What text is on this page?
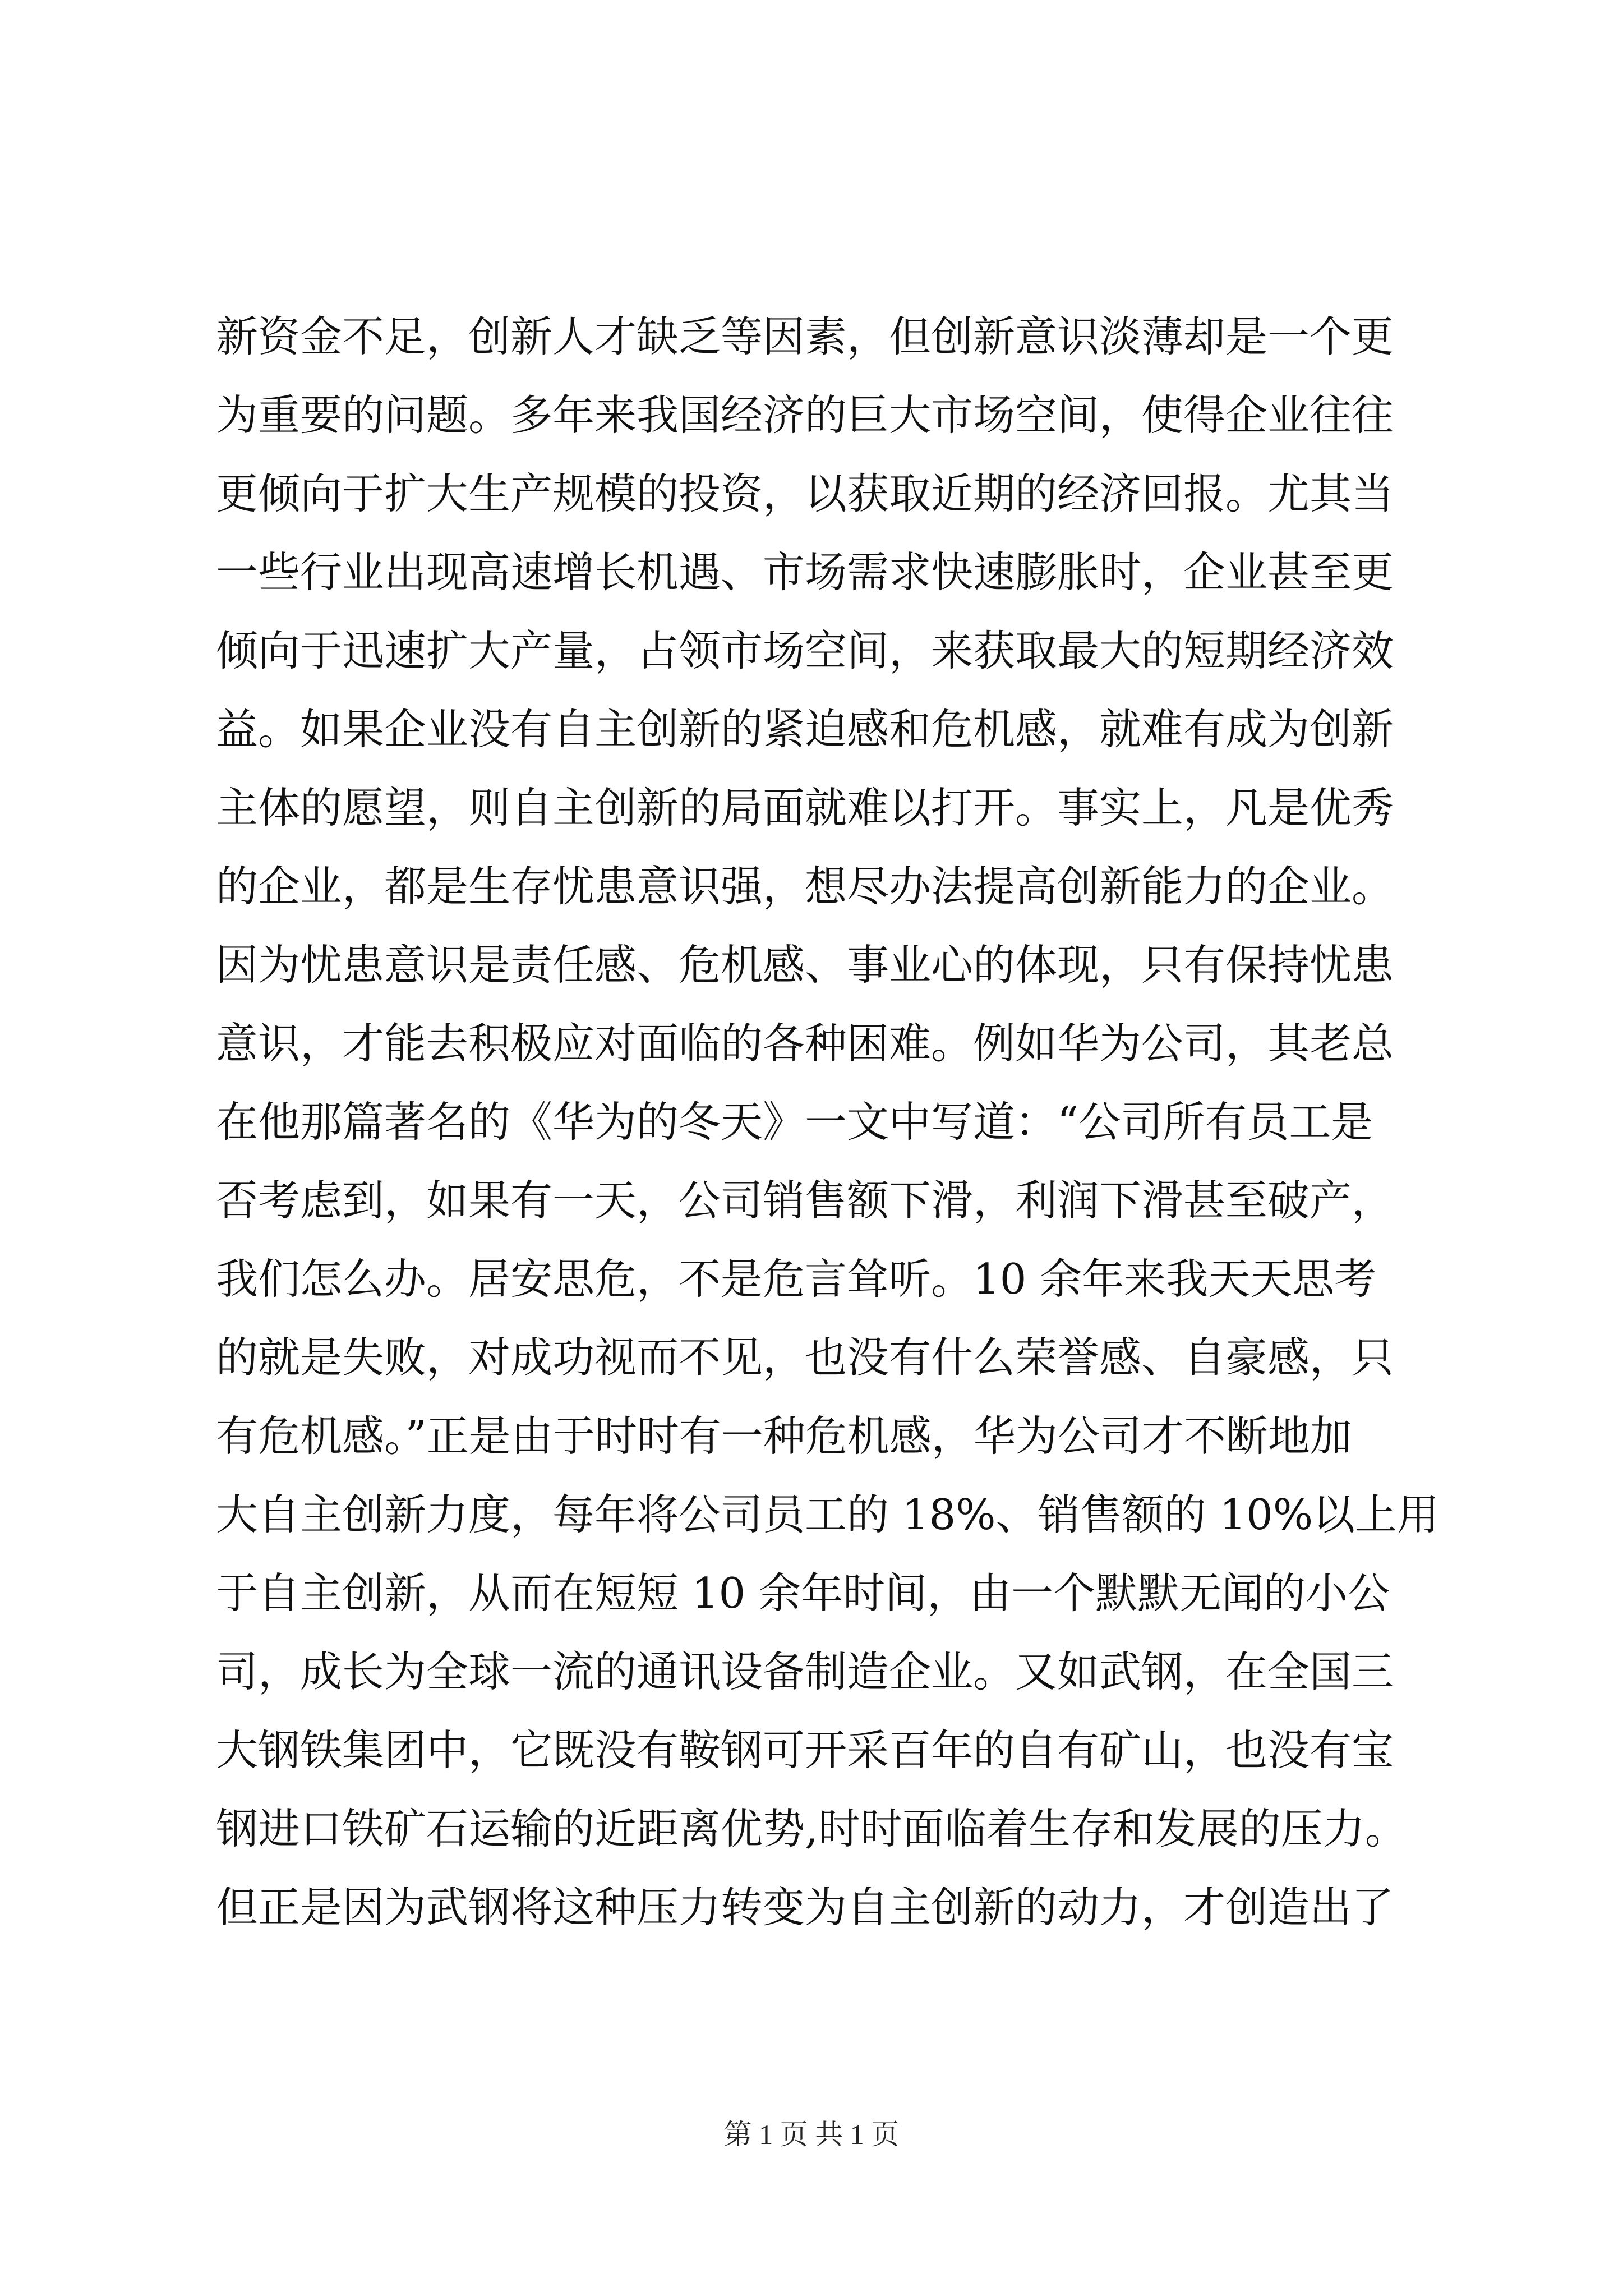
新资金不足，创新人才缺乏等因素，但创新意识淡薄却是一个更
为重要的问题。多年来我国经济的巨大市场空间，使得企业往往
更倾向于扩大生产规模的投资，以获取近期的经济回报。尤其当
一些行业出现高速增长机遇、市场需求快速膨胀时，企业甚至更
倾向于迅速扩大产量，占领市场空间，来获取最大的短期经济效
益。如果企业没有自主创新的紧迫感和危机感，就难有成为创新
主体的愿望，则自主创新的局面就难以打开。事实上，凡是优秀
的企业，都是生存忧患意识强，想尽办法提高创新能力的企业。
因为忧患意识是责任感、危机感、事业心的体现，只有保持忧患
意识，才能去积极应对面临的各种困难。例如华为公司，其老总
在他那篇著名的《华为的冬天》一文中写道：“公司所有员工是
否考虑到，如果有一天，公司销售额下滑，利润下滑甚至破产，
我们怎么办。居安思危，不是危言耸听。10 余年来我天天思考
的就是失败，对成功视而不见，也没有什么荣誉感、自豪感，只
有危机感。”正是由于时时有一种危机感，华为公司才不断地加
大自主创新力度，每年将公司员工的 18%、销售额的 10%以上用
于自主创新，从而在短短 10 余年时间，由一个默默无闻的小公
司，成长为全球一流的通讯设备制造企业。又如武钢，在全国三
大钢铁集团中，它既没有鞍钢可开采百年的自有矿山，也没有宝
钢进口铁矿石运输的近距离优势,时时面临着生存和发展的压力。
但正是因为武钢将这种压力转变为自主创新的动力，才创造出了
第 1 页 共 1 页
